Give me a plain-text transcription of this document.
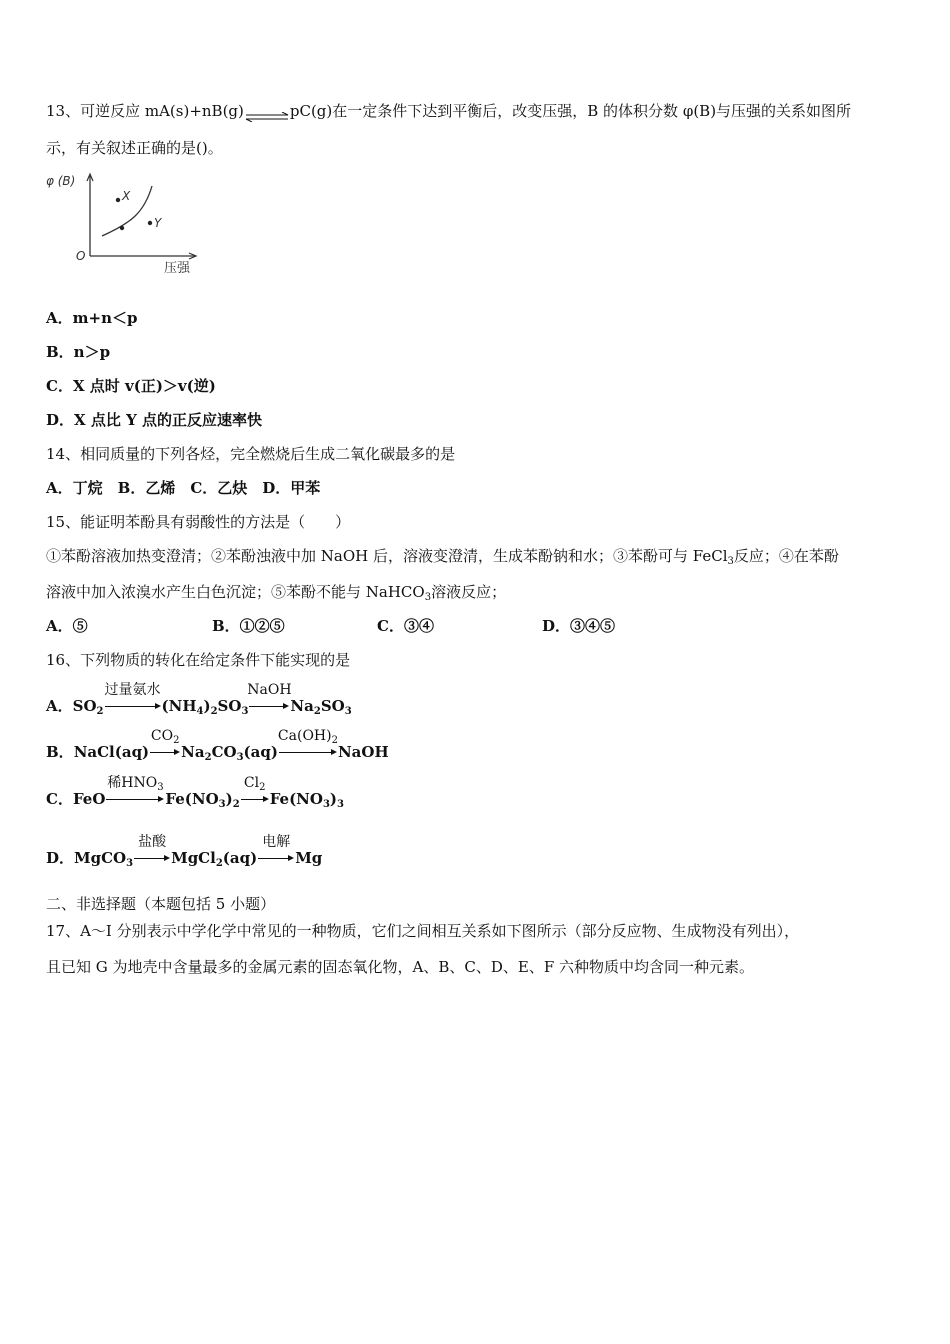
13、可逆反应 mA(s)+nB(g)⇌pC(g)在一定条件下达到平衡后，改变压强，B 的体积分数 φ(B)与压强的关系如图所
示，有关叙述正确的是()。
φ (B)
O
压强
X
Y
A．m+n＜p
B．n＞p
C．X 点时 v(正)＞v(逆)
D．X 点比 Y 点的正反应速率快
14、相同质量的下列各烃，完全燃烧后生成二氧化碳最多的是
A．丁烷　B．乙烯　C．乙炔　D．甲苯
15、能证明苯酚具有弱酸性的方法是（　　）
①苯酚溶液加热变澄清；②苯酚浊液中加 NaOH 后，溶液变澄清，生成苯酚钠和水；③苯酚可与 FeCl$_3$反应；④在苯酚
溶液中加入浓溴水产生白色沉淀；⑤苯酚不能与 NaHCO$_3$溶液反应；
A．⑤	B．①②⑤	C．③④	D．③④⑤
16、下列物质的转化在给定条件下能实现的是
A．$SO_2$
过量氨水
$(NH_4)_2SO_3$
NaOH
$Na_2SO_3$
B．NaCl(aq)
$CO_2$
$Na_2CO_3(aq)$
$Ca(OH)_2$
NaOH
C．FeO
稀$HNO_3$
$Fe(NO_3)_2$
$Cl_2$
$Fe(NO_3)_3$
D．MgCO$_3$
盐酸
MgCl$_2$(aq)
电解
Mg
二、非选择题（本题包括 5 小题）
17、A～I 分别表示中学化学中常见的一种物质，它们之间相互关系如下图所示（部分反应物、生成物没有列出），
且已知 G 为地壳中含量最多的金属元素的固态氧化物，A、B、C、D、E、F 六种物质中均含同一种元素。
